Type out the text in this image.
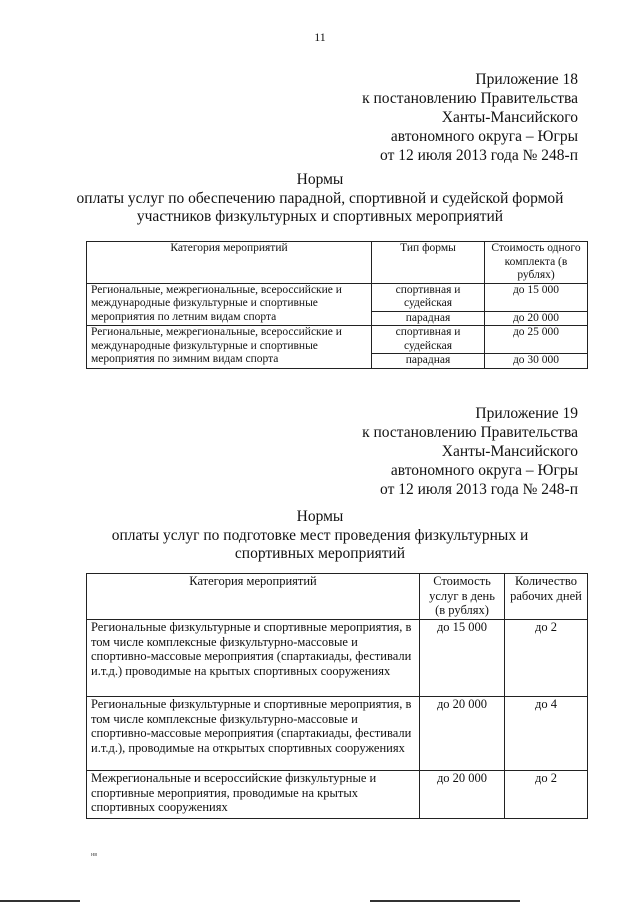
11
Приложение 18
к постановлению Правительства
Ханты-Мансийского
автономного округа – Югры
от 12 июля 2013 года № 248-п
Нормы
оплаты услуг по обеспечению парадной, спортивной и судейской формой
участников физкультурных и спортивных мероприятий
Категория мероприятий	Тип формы	Стоимость одного комплекта (в рублях)
Региональные, межрегиональные, всероссийские и международные физкультурные и спортивные мероприятия по летним видам спорта	спортивная и судейская	до 15 000
	парадная	до 20 000
Региональные, межрегиональные, всероссийские и международные физкультурные и спортивные мероприятия по зимним видам спорта	спортивная и судейская	до 25 000
	парадная	до 30 000
Приложение 19
к постановлению Правительства
Ханты-Мансийского
автономного округа – Югры
от 12 июля 2013 года № 248-п
Нормы
оплаты услуг по подготовке мест проведения физкультурных и
спортивных мероприятий
Категория мероприятий	Стоимость услуг в день (в рублях)	Количество рабочих дней
Региональные физкультурные и спортивные мероприятия, в том числе комплексные физкультурно-массовые и спортивно-массовые мероприятия (спартакиады, фестивали и.т.д.) проводимые на крытых спортивных сооружениях	до 15 000	до 2
Региональные физкультурные и спортивные мероприятия, в том числе комплексные физкультурно-массовые и спортивно-массовые мероприятия (спартакиады, фестивали и.т.д.), проводимые на открытых спортивных сооружениях	до 20 000	до 4
Межрегиональные и всероссийские физкультурные и спортивные мероприятия, проводимые на крытых спортивных сооружениях	до 20 000	до 2
нв
